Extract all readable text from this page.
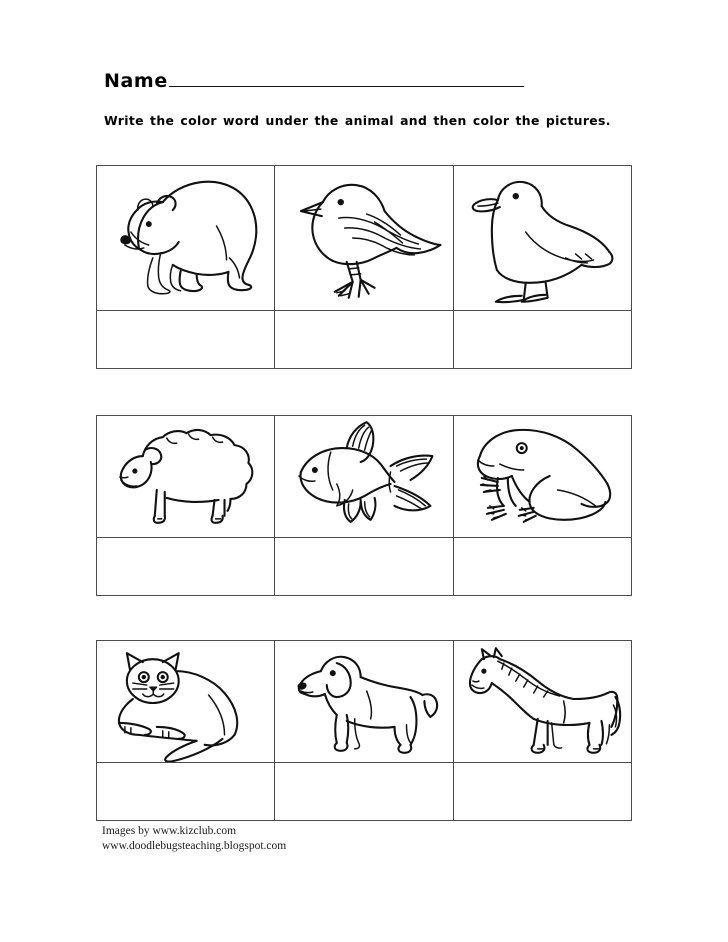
Name
Write the color word under the animal and then color the pictures.
Images by www.kizclub.com
www.doodlebugsteaching.blogspot.com
